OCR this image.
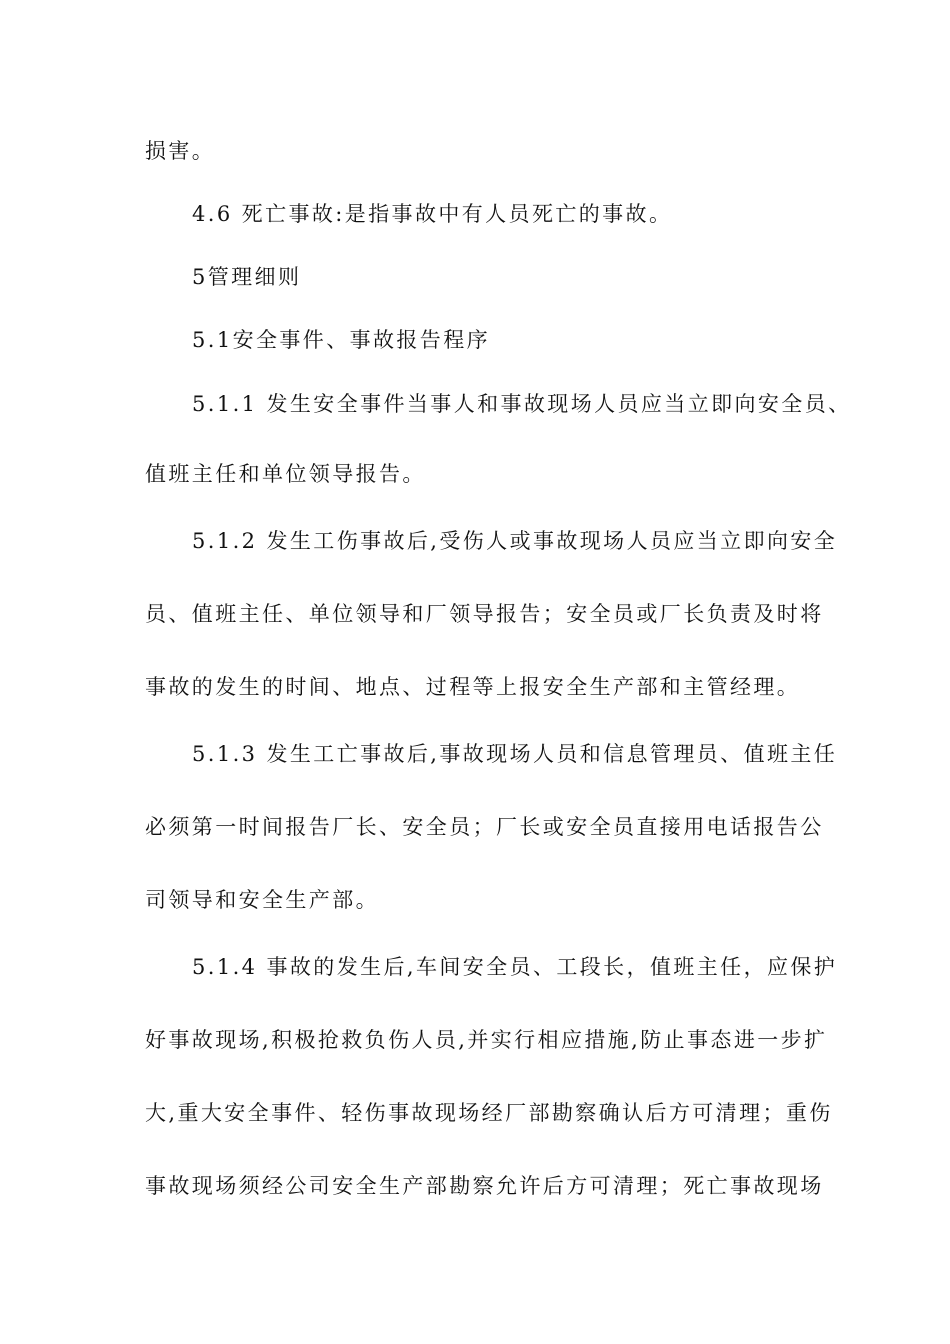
损害。
4.6 死亡事故:是指事故中有人员死亡的事故。
5管理细则
5.1安全事件、事故报告程序
5.1.1 发生安全事件当事人和事故现场人员应当立即向安全员、
值班主任和单位领导报告。
5.1.2 发生工伤事故后,受伤人或事故现场人员应当立即向安全
员、值班主任、单位领导和厂领导报告；安全员或厂长负责及时将
事故的发生的时间、地点、过程等上报安全生产部和主管经理。
5.1.3 发生工亡事故后,事故现场人员和信息管理员、值班主任
必须第一时间报告厂长、安全员；厂长或安全员直接用电话报告公
司领导和安全生产部。
5.1.4 事故的发生后,车间安全员、工段长，值班主任，应保护
好事故现场,积极抢救负伤人员,并实行相应措施,防止事态进一步扩
大,重大安全事件、轻伤事故现场经厂部勘察确认后方可清理；重伤
事故现场须经公司安全生产部勘察允许后方可清理；死亡事故现场
